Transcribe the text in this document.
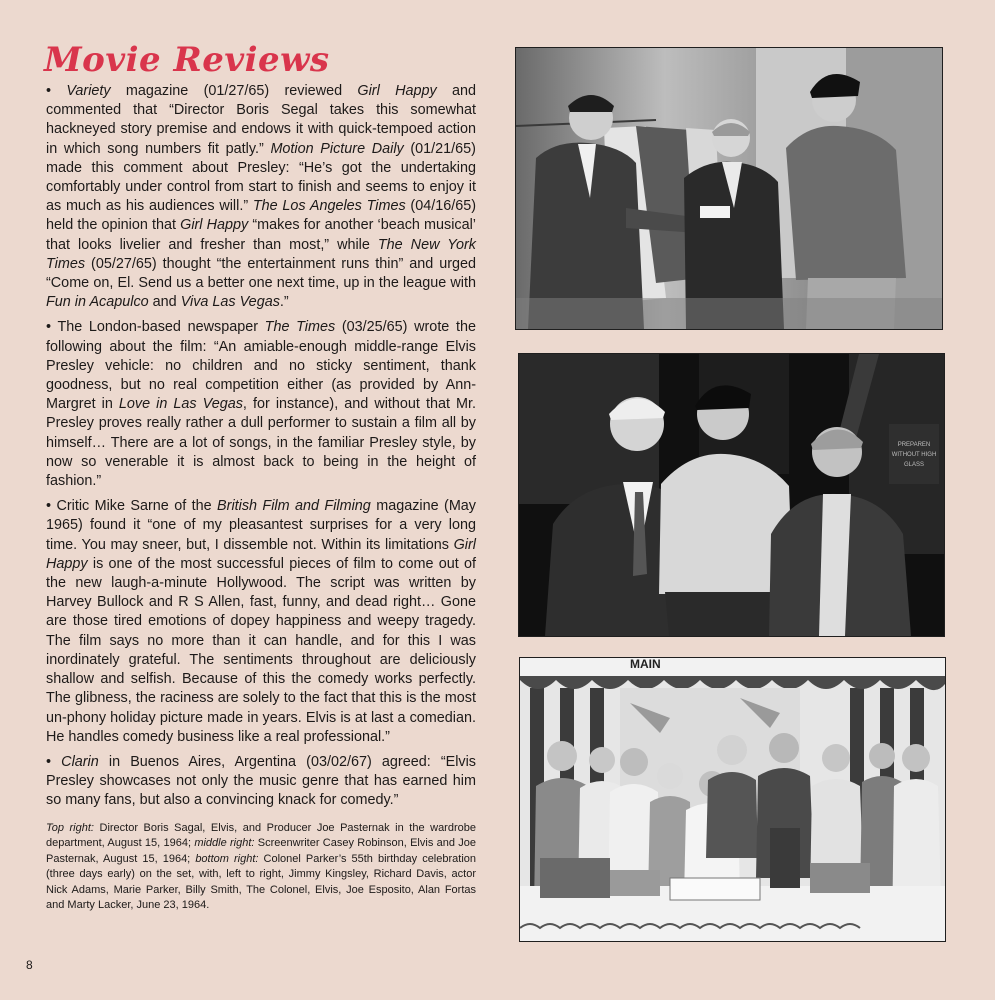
Movie Reviews

• Variety magazine (01/27/65) reviewed Girl Happy and commented that “Director Boris Segal takes this somewhat hackneyed story premise and endows it with quick-tempoed action in which song numbers fit patly.” Motion Picture Daily (01/21/65) made this comment about Presley: “He’s got the undertaking comfortably under control from start to finish and seems to enjoy it as much as his audiences will.” The Los Angeles Times (04/16/65) held the opinion that Girl Happy “makes for another ‘beach musical’ that looks livelier and fresher than most,” while The New York Times (05/27/65) thought “the entertainment runs thin” and urged “Come on, El. Send us a better one next time, up in the league with Fun in Acapulco and Viva Las Vegas.”

• The London-based newspaper The Times (03/25/65) wrote the following about the film: “An amiable-enough middle-range Elvis Presley vehicle: no children and no sticky sentiment, thank goodness, but no real competition either (as provided by Ann-Margret in Love in Las Vegas, for instance), and without that Mr. Presley proves really rather a dull performer to sustain a film all by himself… There are a lot of songs, in the familiar Presley style, by now so venerable it is almost back to being in the height of fashion.”

• Critic Mike Sarne of the British Film and Filming magazine (May 1965) found it “one of my pleasantest surprises for a very long time. You may sneer, but, I dissemble not. Within its limitations Girl Happy is one of the most successful pieces of film to come out of the new laugh-a-minute Hollywood. The script was written by Harvey Bullock and R S Allen, fast, funny, and dead right… Gone are those tired emotions of dopey happiness and weepy tragedy. The film says no more than it can handle, and for this I was inordinately grateful. The sentiments throughout are deliciously shallow and selfish. Because of this the comedy works perfectly. The glibness, the raciness are solely to the fact that this is the most un-phony holiday picture made in years. Elvis is at last a comedian. He handles comedy business like a real professional.”

• Clarin in Buenos Aires, Argentina (03/02/67) agreed: “Elvis Presley showcases not only the music genre that has earned him so many fans, but also a convincing knack for comedy.”

Top right: Director Boris Sagal, Elvis, and Producer Joe Pasternak in the wardrobe department, August 15, 1964; middle right: Screenwriter Casey Robinson, Elvis and Joe Pasternak, August 15, 1964; bottom right: Colonel Parker’s 55th birthday celebration (three days early) on the set, with, left to right, Jimmy Kingsley, Richard Davis, actor Nick Adams, Marie Parker, Billy Smith, The Colonel, Elvis, Joe Esposito, Alan Fortas and Marty Lacker, June 23, 1964.

8

PREPAREN
WITHOUT HIGH
GLASS
MAIN
